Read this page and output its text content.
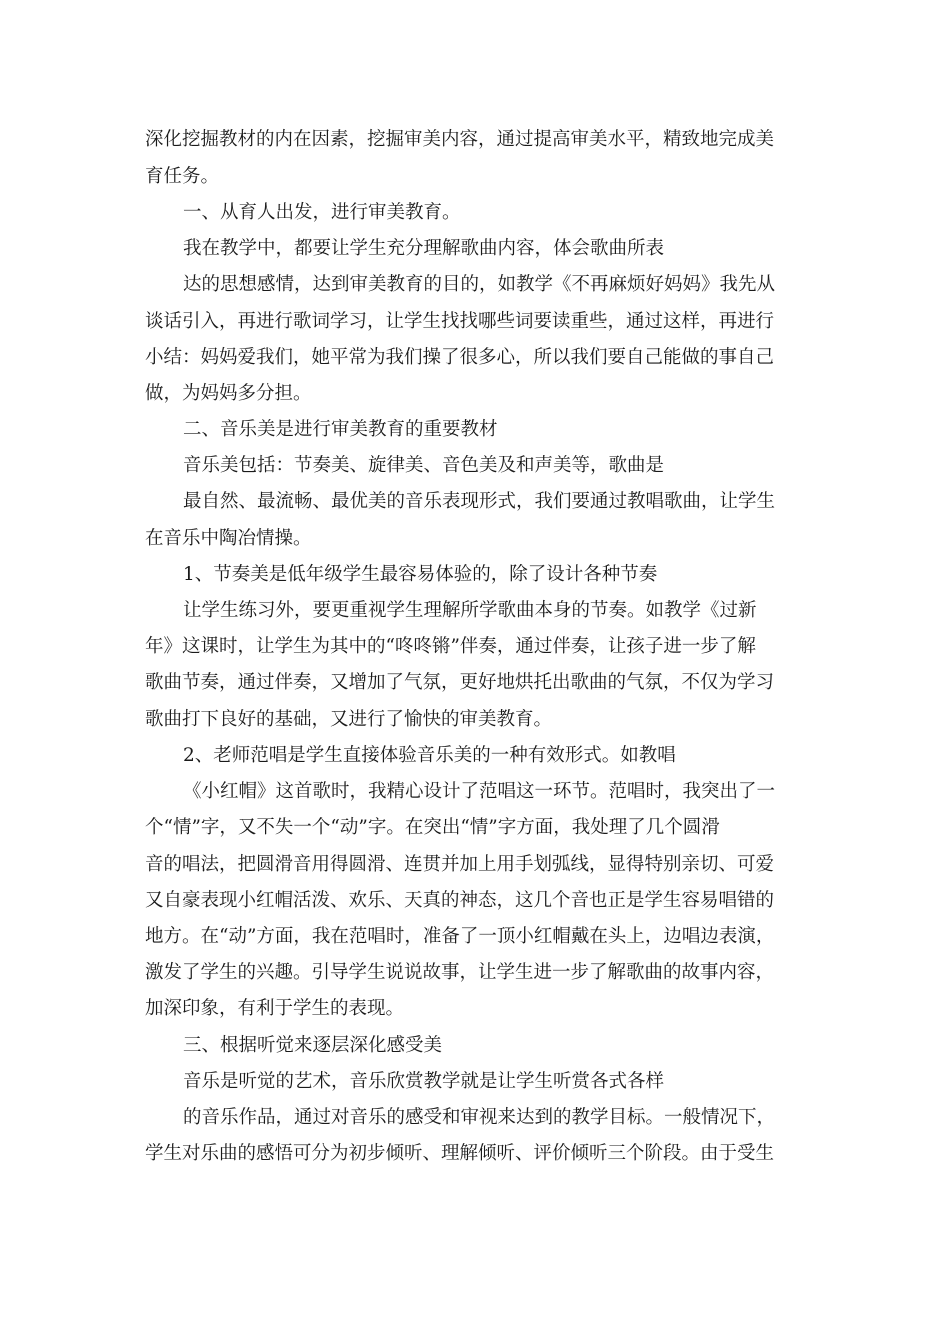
深化挖掘教材的内在因素，挖掘审美内容，通过提高审美水平，精致地完成美
育任务。
一、从育人出发，进行审美教育。
我在教学中，都要让学生充分理解歌曲内容，体会歌曲所表
达的思想感情，达到审美教育的目的，如教学《不再麻烦好妈妈》我先从
谈话引入，再进行歌词学习，让学生找找哪些词要读重些，通过这样，再进行
小结：妈妈爱我们，她平常为我们操了很多心，所以我们要自己能做的事自己
做，为妈妈多分担。
二、音乐美是进行审美教育的重要教材
音乐美包括：节奏美、旋律美、音色美及和声美等，歌曲是
最自然、最流畅、最优美的音乐表现形式，我们要通过教唱歌曲，让学生
在音乐中陶冶情操。
1、节奏美是低年级学生最容易体验的，除了设计各种节奏
让学生练习外，要更重视学生理解所学歌曲本身的节奏。如教学《过新
年》这课时，让学生为其中的“咚咚锵”伴奏，通过伴奏，让孩子进一步了解
歌曲节奏，通过伴奏，又增加了气氛，更好地烘托出歌曲的气氛，不仅为学习
歌曲打下良好的基础，又进行了愉快的审美教育。
2、老师范唱是学生直接体验音乐美的一种有效形式。如教唱
《小红帽》这首歌时，我精心设计了范唱这一环节。范唱时，我突出了一
个“情”字，又不失一个“动”字。在突出“情”字方面，我处理了几个圆滑
音的唱法，把圆滑音用得圆滑、连贯并加上用手划弧线，显得特别亲切、可爱
又自豪表现小红帽活泼、欢乐、天真的神态，这几个音也正是学生容易唱错的
地方。在“动”方面，我在范唱时，准备了一顶小红帽戴在头上，边唱边表演，
激发了学生的兴趣。引导学生说说故事，让学生进一步了解歌曲的故事内容，
加深印象，有利于学生的表现。
三、根据听觉来逐层深化感受美
音乐是听觉的艺术，音乐欣赏教学就是让学生听赏各式各样
的音乐作品，通过对音乐的感受和审视来达到的教学目标。一般情况下，
学生对乐曲的感悟可分为初步倾听、理解倾听、评价倾听三个阶段。由于受生
